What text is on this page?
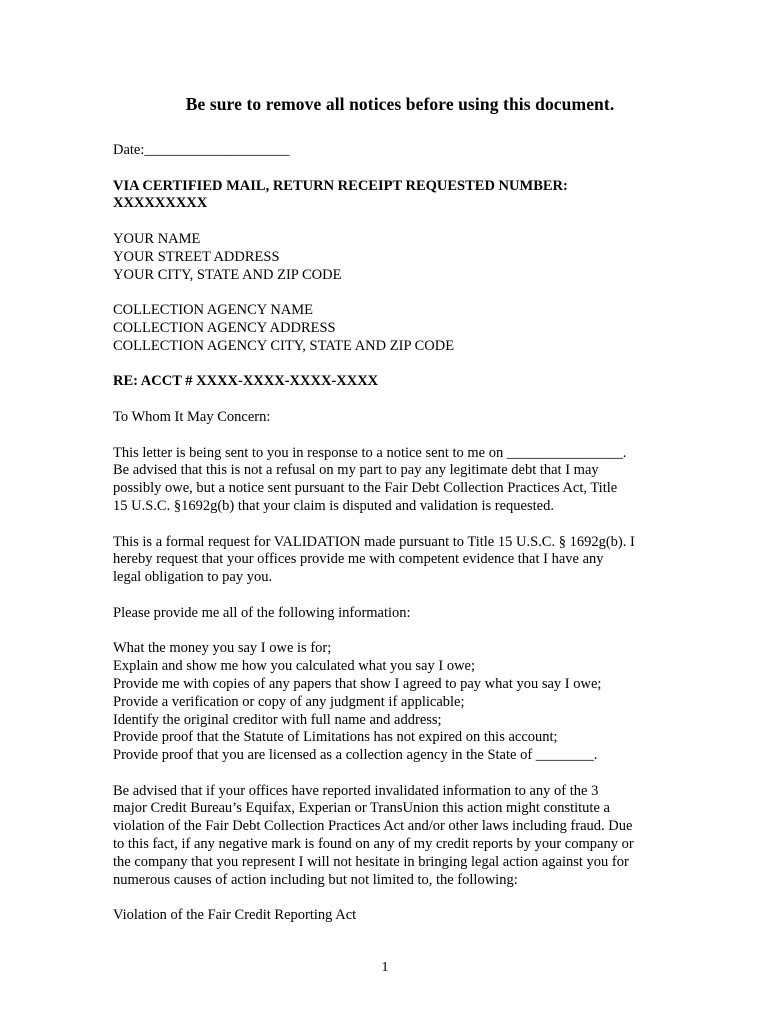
Be sure to remove all notices before using this document.
Date:____________________
VIA CERTIFIED MAIL, RETURN RECEIPT REQUESTED NUMBER:
XXXXXXXXX
YOUR NAME
YOUR STREET ADDRESS
YOUR CITY, STATE AND ZIP CODE
COLLECTION AGENCY NAME
COLLECTION AGENCY ADDRESS
COLLECTION AGENCY CITY, STATE AND ZIP CODE
RE: ACCT # XXXX-XXXX-XXXX-XXXX
To Whom It May Concern:
This letter is being sent to you in response to a notice sent to me on ________________.
Be advised that this is not a refusal on my part to pay any legitimate debt that I may
possibly owe, but a notice sent pursuant to the Fair Debt Collection Practices Act, Title
15 U.S.C. §1692g(b) that your claim is disputed and validation is requested.
This is a formal request for VALIDATION made pursuant to Title 15 U.S.C. § 1692g(b). I
hereby request that your offices provide me with competent evidence that I have any
legal obligation to pay you.
Please provide me all of the following information:
What the money you say I owe is for;
Explain and show me how you calculated what you say I owe;
Provide me with copies of any papers that show I agreed to pay what you say I owe;
Provide a verification or copy of any judgment if applicable;
Identify the original creditor with full name and address;
Provide proof that the Statute of Limitations has not expired on this account;
Provide proof that you are licensed as a collection agency in the State of ________.
Be advised that if your offices have reported invalidated information to any of the 3
major Credit Bureau’s Equifax, Experian or TransUnion this action might constitute a
violation of the Fair Debt Collection Practices Act and/or other laws including fraud. Due
to this fact, if any negative mark is found on any of my credit reports by your company or
the company that you represent I will not hesitate in bringing legal action against you for
numerous causes of action including but not limited to, the following:
Violation of the Fair Credit Reporting Act
1
